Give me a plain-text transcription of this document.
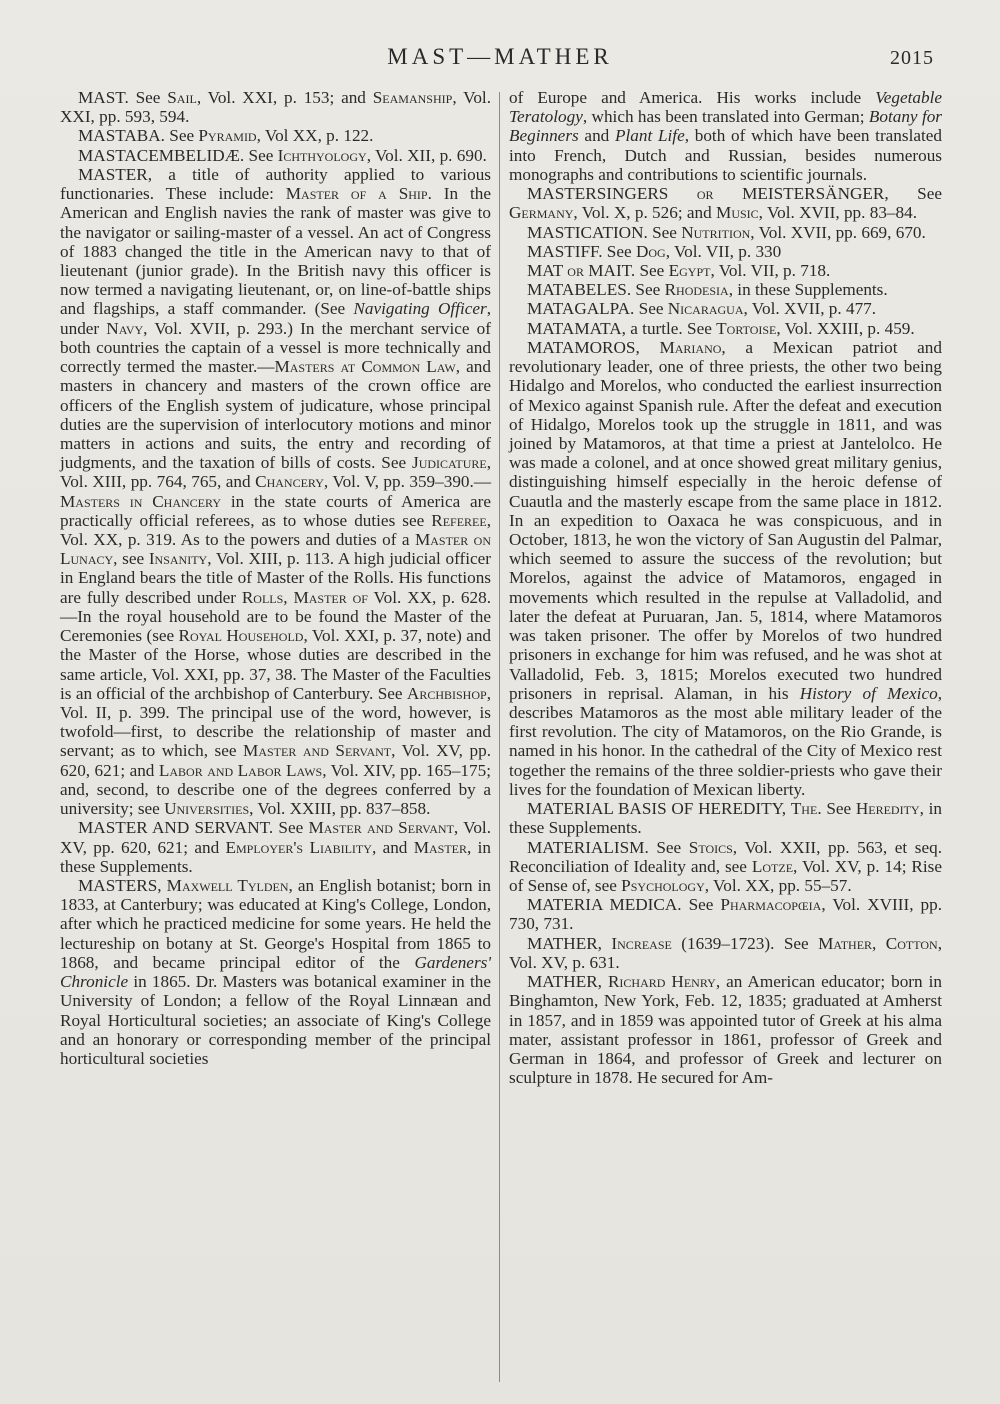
MAST—MATHER	2015

MAST. See Sail, Vol. XXI, p. 153; and Seamanship, Vol. XXI, pp. 593, 594.

MASTABA. See Pyramid, Vol XX, p. 122.

MASTACEMBELIDÆ. See Ichthyology, Vol. XII, p. 690.

MASTER, a title of authority applied to various functionaries. These include: Master of a Ship. In the American and English navies the rank of master was give to the navigator or sailing-master of a vessel. An act of Congress of 1883 changed the title in the American navy to that of lieutenant (junior grade). In the British navy this officer is now termed a navigating lieutenant, or, on line-of-battle ships and flagships, a staff commander. (See Navigating Officer, under Navy, Vol. XVII, p. 293.) In the merchant service of both countries the captain of a vessel is more technically and correctly termed the master.—Masters at Common Law, and masters in chancery and masters of the crown office are officers of the English system of judicature, whose principal duties are the supervision of interlocutory motions and minor matters in actions and suits, the entry and recording of judgments, and the taxation of bills of costs. See Judicature, Vol. XIII, pp. 764, 765, and Chancery, Vol. V, pp. 359–390.—Masters in Chancery in the state courts of America are practically official referees, as to whose duties see Referee, Vol. XX, p. 319. As to the powers and duties of a Master on Lunacy, see Insanity, Vol. XIII, p. 113. A high judicial officer in England bears the title of Master of the Rolls. His functions are fully described under Rolls, Master of Vol. XX, p. 628. —In the royal household are to be found the Master of the Ceremonies (see Royal Household, Vol. XXI, p. 37, note) and the Master of the Horse, whose duties are described in the same article, Vol. XXI, pp. 37, 38. The Master of the Faculties is an official of the archbishop of Canterbury. See Archbishop, Vol. II, p. 399. The principal use of the word, however, is twofold—first, to describe the relationship of master and servant; as to which, see Master and Servant, Vol. XV, pp. 620, 621; and Labor and Labor Laws, Vol. XIV, pp. 165–175; and, second, to describe one of the degrees conferred by a university; see Universities, Vol. XXIII, pp. 837–858.

MASTER AND SERVANT. See Master and Servant, Vol. XV, pp. 620, 621; and Employer's Liability, and Master, in these Supplements.

MASTERS, Maxwell Tylden, an English botanist; born in 1833, at Canterbury; was educated at King's College, London, after which he practiced medicine for some years. He held the lectureship on botany at St. George's Hospital from 1865 to 1868, and became principal editor of the Gardeners' Chronicle in 1865. Dr. Masters was botanical examiner in the University of London; a fellow of the Royal Linnæan and Royal Horticultural societies; an associate of King's College and an honorary or corresponding member of the principal horticultural societies

of Europe and America. His works include Vegetable Teratology, which has been translated into German; Botany for Beginners and Plant Life, both of which have been translated into French, Dutch and Russian, besides numerous monographs and contributions to scientific journals.

MASTERSINGERS or MEISTERSÄNGER, See Germany, Vol. X, p. 526; and Music, Vol. XVII, pp. 83–84.

MASTICATION. See Nutrition, Vol. XVII, pp. 669, 670.

MASTIFF. See Dog, Vol. VII, p. 330

MAT or MAIT. See Egypt, Vol. VII, p. 718.

MATABELES. See Rhodesia, in these Supplements.

MATAGALPA. See Nicaragua, Vol. XVII, p. 477.

MATAMATA, a turtle. See Tortoise, Vol. XXIII, p. 459.

MATAMOROS, Mariano, a Mexican patriot and revolutionary leader, one of three priests, the other two being Hidalgo and Morelos, who conducted the earliest insurrection of Mexico against Spanish rule. After the defeat and execution of Hidalgo, Morelos took up the struggle in 1811, and was joined by Matamoros, at that time a priest at Jantelolco. He was made a colonel, and at once showed great military genius, distinguishing himself especially in the heroic defense of Cuautla and the masterly escape from the same place in 1812. In an expedition to Oaxaca he was conspicuous, and in October, 1813, he won the victory of San Augustin del Palmar, which seemed to assure the success of the revolution; but Morelos, against the advice of Matamoros, engaged in movements which resulted in the repulse at Valladolid, and later the defeat at Puruaran, Jan. 5, 1814, where Matamoros was taken prisoner. The offer by Morelos of two hundred prisoners in exchange for him was refused, and he was shot at Valladolid, Feb. 3, 1815; Morelos executed two hundred prisoners in reprisal. Alaman, in his History of Mexico, describes Matamoros as the most able military leader of the first revolution. The city of Matamoros, on the Rio Grande, is named in his honor. In the cathedral of the City of Mexico rest together the remains of the three soldier-priests who gave their lives for the foundation of Mexican liberty.

MATERIAL BASIS OF HEREDITY, The. See Heredity, in these Supplements.

MATERIALISM. See Stoics, Vol. XXII, pp. 563, et seq. Reconciliation of Ideality and, see Lotze, Vol. XV, p. 14; Rise of Sense of, see Psychology, Vol. XX, pp. 55–57.

MATERIA MEDICA. See Pharmacopœia, Vol. XVIII, pp. 730, 731.

MATHER, Increase (1639–1723). See Mather, Cotton, Vol. XV, p. 631.

MATHER, Richard Henry, an American educator; born in Binghamton, New York, Feb. 12, 1835; graduated at Amherst in 1857, and in 1859 was appointed tutor of Greek at his alma mater, assistant professor in 1861, professor of Greek and German in 1864, and professor of Greek and lecturer on sculpture in 1878. He secured for Am-
